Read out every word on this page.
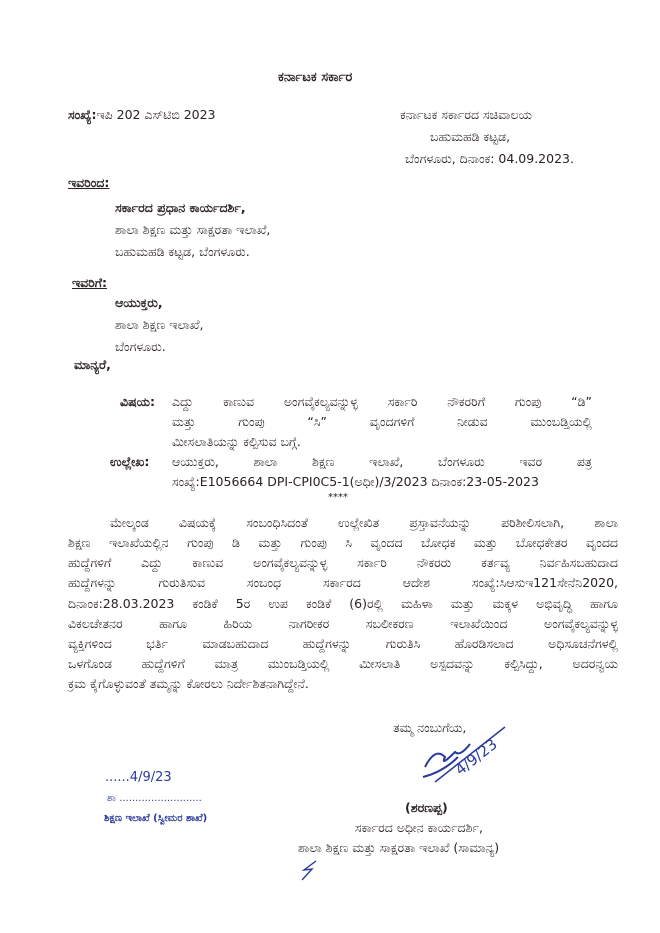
ಕರ್ನಾಟಕ ಸರ್ಕಾರ
ಸಂಖ್ಯೆ:ಇಪಿ 202 ಎಸ್‌ಟಿಬಿ 2023	ಕರ್ನಾಟಕ ಸರ್ಕಾರದ ಸಚಿವಾಲಯ
ಬಹುಮಹಡಿ ಕಟ್ಟಡ,
ಬೆಂಗಳೂರು, ದಿನಾಂಕ: 04.09.2023.
ಇವರಿಂದ:
ಸರ್ಕಾರದ ಪ್ರಧಾನ ಕಾರ್ಯದರ್ಶಿ,
ಶಾಲಾ ಶಿಕ್ಷಣ ಮತ್ತು ಸಾಕ್ಷರತಾ ಇಲಾಖೆ,
ಬಹುಮಹಡಿ ಕಟ್ಟಡ, ಬೆಂಗಳೂರು.
ಇವರಿಗೆ:
ಆಯುಕ್ತರು,
ಶಾಲಾ ಶಿಕ್ಷಣ ಇಲಾಖೆ,
ಬೆಂಗಳೂರು.
ಮಾನ್ಯರೆ,
ವಿಷಯ: ಎದ್ದು ಕಾಣುವ ಅಂಗವೈಕಲ್ಯವನ್ನುಳ್ಳ ಸರ್ಕಾರಿ ನೌಕರರಿಗೆ ಗುಂಪು “ಡಿ”
ಮತ್ತು ಗುಂಪು “ಸಿ” ವೃಂದಗಳಿಗೆ ನೀಡುವ ಮುಂಬಡ್ತಿಯಲ್ಲಿ
ಮೀಸಲಾತಿಯನ್ನು ಕಲ್ಪಿಸುವ ಬಗ್ಗೆ.
ಉಲ್ಲೇಖ: ಆಯುಕ್ತರು, ಶಾಲಾ ಶಿಕ್ಷಣ ಇಲಾಖೆ, ಬೆಂಗಳೂರು ಇವರ ಪತ್ರ
ಸಂಖ್ಯೆ:E1056664 DPI-CPI0C5-1(ಅಧೀ)/3/2023 ದಿನಾಂಕ:23-05-2023
****
ಮೇಲ್ಕಂಡ ವಿಷಯಕ್ಕೆ ಸಂಬಂಧಿಸಿದಂತೆ ಉಲ್ಲೇಖಿತ ಪ್ರಸ್ತಾವನೆಯನ್ನು ಪರಿಶೀಲಿಸಲಾಗಿ, ಶಾಲಾ
ಶಿಕ್ಷಣ ಇಲಾಖೆಯಲ್ಲಿನ ಗುಂಪು ಡಿ ಮತ್ತು ಗುಂಪು ಸಿ ವೃಂದದ ಬೋಧಕ ಮತ್ತು ಬೋಧಕೇತರ ವೃಂದದ
ಹುದ್ದೆಗಳಿಗೆ ಎದ್ದು ಕಾಣುವ ಅಂಗವೈಕಲ್ಯವನ್ನುಳ್ಳ ಸರ್ಕಾರಿ ನೌಕರರು ಕರ್ತವ್ಯ ನಿರ್ವಹಿಸಬಹುದಾದ
ಹುದ್ದೆಗಳನ್ನು ಗುರುತಿಸುವ ಸಂಬಂಧ ಸರ್ಕಾರದ ಆದೇಶ ಸಂಖ್ಯೆ:ಸಿಆಸುಇ121ಸೇನೆನಿ2020,
ದಿನಾಂಕ:28.03.2023 ಕಂಡಿಕೆ 5ರ ಉಪ ಕಂಡಿಕೆ (6)ರಲ್ಲಿ ಮಹಿಳಾ ಮತ್ತು ಮಕ್ಕಳ ಅಭಿವೃದ್ಧಿ ಹಾಗೂ
ವಿಕಲಚೇತನರ ಹಾಗೂ ಹಿರಿಯ ನಾಗರೀಕರ ಸಬಲೀಕರಣ ಇಲಾಖೆಯಿಂದ ಅಂಗವೈಕಲ್ಯವನ್ನುಳ್ಳ
ವ್ಯಕ್ತಿಗಳಿಂದ ಭರ್ತಿ ಮಾಡಬಹುದಾದ ಹುದ್ದೆಗಳನ್ನು ಗುರುತಿಸಿ ಹೊರಡಿಸಲಾದ ಅಧಿಸೂಚನೆಗಳಲ್ಲಿ
ಒಳಗೊಂಡ ಹುದ್ದೆಗಳಿಗೆ ಮಾತ್ರ ಮುಂಬಡ್ತಿಯಲ್ಲಿ ಮೀಸಲಾತಿ ಅಸ್ಪದವನ್ನು ಕಲ್ಪಿಸಿದ್ದು, ಅದರನ್ವಯ
ಕ್ರಮ ಕೈಗೊಳ್ಳುವಂತೆ ತಮ್ಮನ್ನು ಕೋರಲು ನಿರ್ದೇಶಿತನಾಗಿದ್ದೇನೆ.
ತಮ್ಮ ನಂಬುಗೆಯ,
4/9/23
(ಶರಣಪ್ಪ)
ಸರ್ಕಾರದ ಅಧೀನ ಕಾರ್ಯದರ್ಶಿ,
ಶಾಲಾ ಶಿಕ್ಷಣ ಮತ್ತು ಸಾಕ್ಷರತಾ ಇಲಾಖೆ (ಸಾಮಾನ್ಯ)
......4/9/23
ಶಾ ..........................
ಶಿಕ್ಷಣ ಇಲಾಖೆ (ಸ್ವೀಮರ ಶಾಖೆ)
